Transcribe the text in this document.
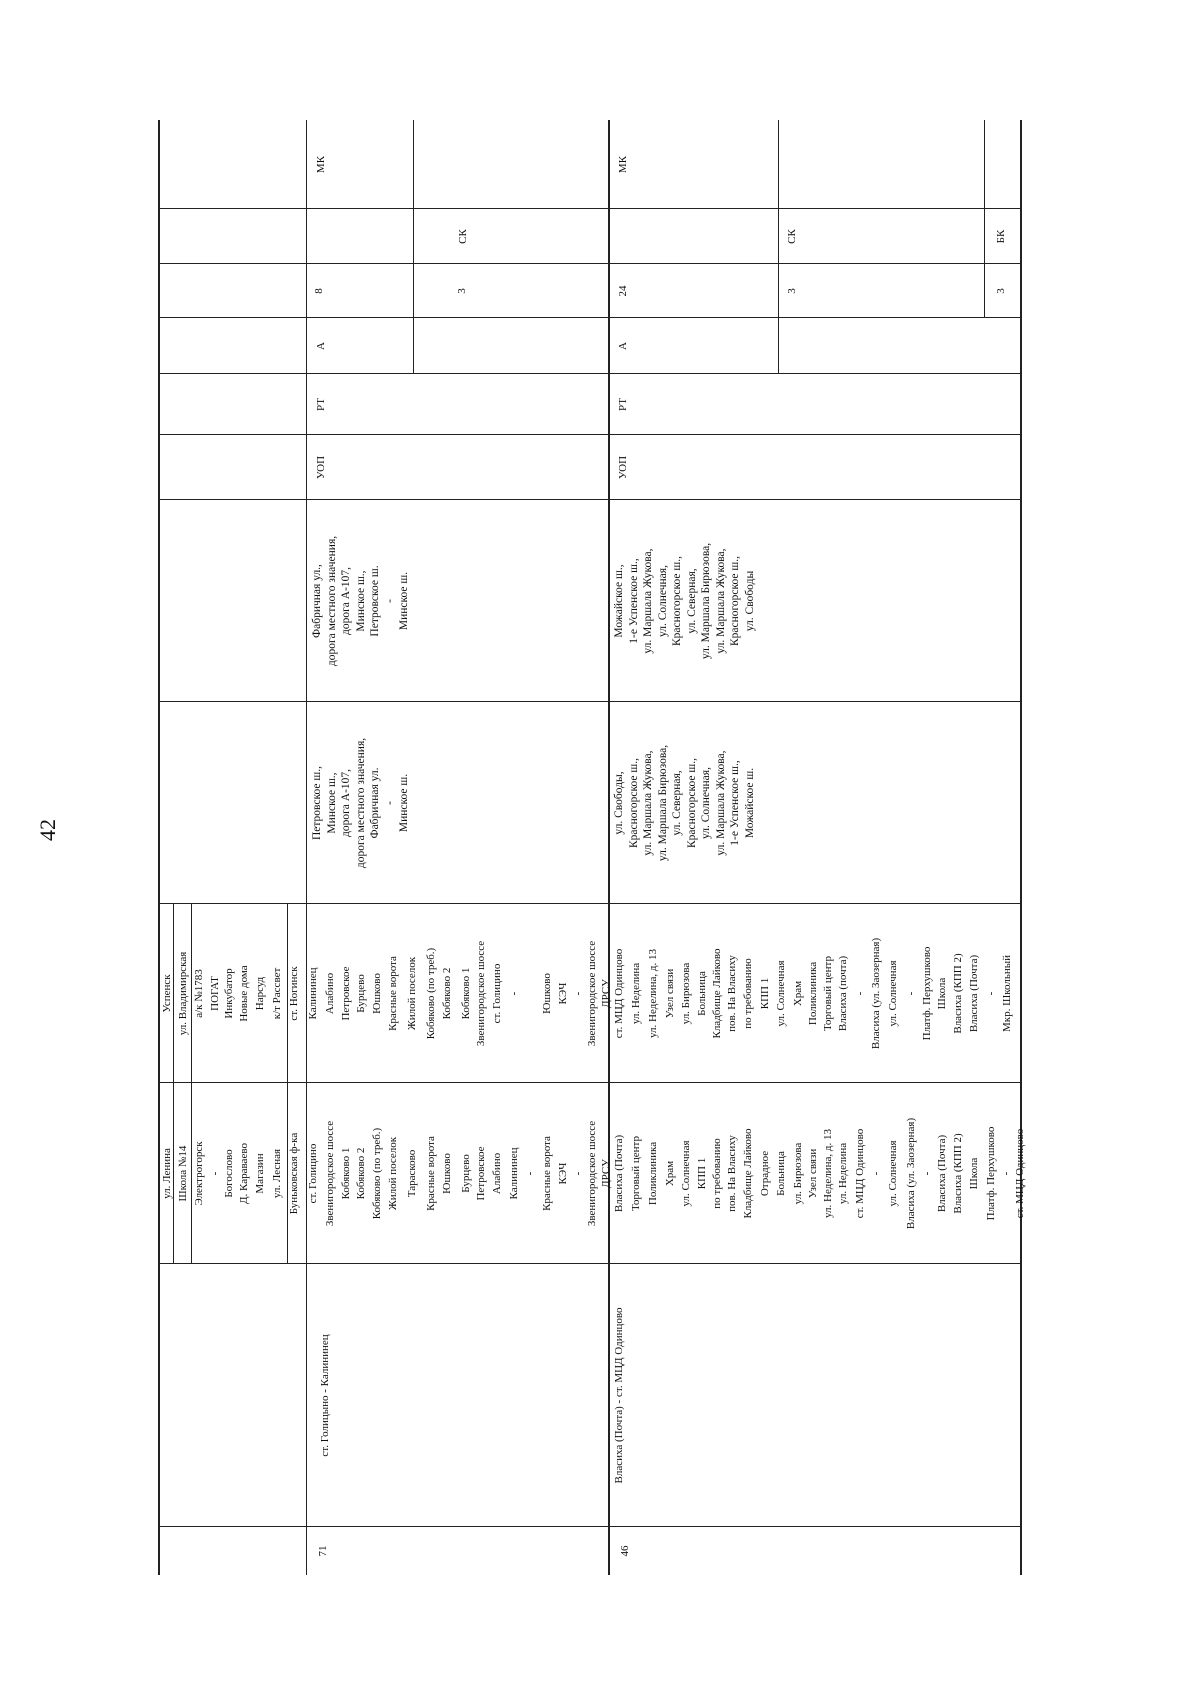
42
71
ст. Голицыно - Калининец
ул. Ленина Школа №14 Электрогорск - Богослово Д. Караваево Магазин ул. Лесная Буньковская ф-ка ст. Голицино Звенигородское шоссе Кобяково 1 Кобяково 2 Кобяково (по треб.) Жилой поселок Тарасково Красные ворота Юшково Бурцево Петровское Алабино Калининец - Красные ворота КЭЧ - Звенигородское шоссе ДРСУ
Успенск ул. Владимирская а/к №1783 ПОГАТ Инкубатор Новые дома Нарсуд к/т Рассвет ст. Ногинск Калининец Алабино Петровское Бурцево Юшково Красные ворота Жилой поселок Кобяково (по треб.) Кобяково 2 Кобяково 1 Звенигородское шоссе ст. Голицино -	Юшково КЭЧ - Звенигородское шоссе ДРСУ
Петровское ш.,
Минское ш.,
дорога А-107,
дорога местного значения,
Фабричная ул.
-
Минское ш.
Фабричная ул.,
дорога местного значения,
дорога А-107,
Минское ш.,
Петровское ш.
-
Минское ш.
УОП
РТ
А
8
МК
3
СК
46
Власиха (Почта) - ст. МЦД Одинцово
Власиха (Почта) Торговый центр Поликлиника Храм ул. Солнечная КПП 1 по требованию пов. На Власиху Кладбище Лайково Отрадное Больница ул. Бирюзова Узел связи ул. Неделина, д. 13 ул. Неделина ст. МЦД Одинцово - ул. Солнечная Власиха (ул. Заозерная) - Власиха (Почта) Власиха (КПП 2) Школа Платф. Перхушково - ст. МЦД Одинцово
ст. МЦД Одинцово ул. Неделина ул. Неделина, д. 13 Узел связи ул. Бирюзова Больница Кладбище Лайково пов. На Власиху по требованию КПП 1 ул. Солнечная Храм Поликлиника Торговый центр Власиха (почта) - Власиха (ул. Заозерная) ул. Солнечная - Платф. Перхушково Школа Власиха (КПП 2) Власиха (Почта) - Мкр. Школьный
ул. Свободы,
Красногорское ш.,
ул. Маршала Жукова,
ул. Маршала Бирюзова,
ул. Северная,
Красногорское ш.,
ул. Солнечная,
ул. Маршала Жукова,
1-е Успенское ш.,
Можайское ш.
Можайское ш.,
1-е Успенское ш.,
ул. Маршала Жукова,
ул. Солнечная,
Красногорское ш.,
ул. Северная,
ул. Маршала Бирюзова,
ул. Маршала Жукова,
Красногорское ш.,
ул. Свободы
УОП
РТ
А
24
МК
3
СК
3
БК
